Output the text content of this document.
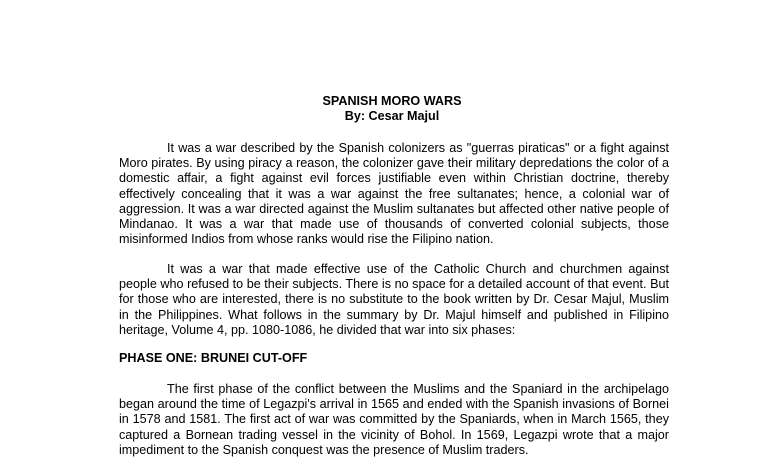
SPANISH MORO WARS
By: Cesar Majul

It was a war described by the Spanish colonizers as "guerras piraticas" or a fight against Moro pirates. By using piracy a reason, the colonizer gave their military depredations the color of a domestic affair, a fight against evil forces justifiable even within Christian doctrine, thereby effectively concealing that it was a war against the free sultanates; hence, a colonial war of aggression. It was a war directed against the Muslim sultanates but affected other native people of Mindanao. It was a war that made use of thousands of converted colonial subjects, those misinformed Indios from whose ranks would rise the Filipino nation.

It was a war that made effective use of the Catholic Church and churchmen against people who refused to be their subjects. There is no space for a detailed account of that event. But for those who are interested, there is no substitute to the book written by Dr. Cesar Majul, Muslim in the Philippines. What follows in the summary by Dr. Majul himself and published in Filipino heritage, Volume 4, pp. 1080-1086, he divided that war into six phases:

PHASE ONE: BRUNEI CUT-OFF

The first phase of the conflict between the Muslims and the Spaniard in the archipelago began around the time of Legazpi's arrival in 1565 and ended with the Spanish invasions of Bornei in 1578 and 1581. The first act of war was committed by the Spaniards, when in March 1565, they captured a Bornean trading vessel in the vicinity of Bohol. In 1569, Legazpi wrote that a major impediment to the Spanish conquest was the presence of Muslim traders.
